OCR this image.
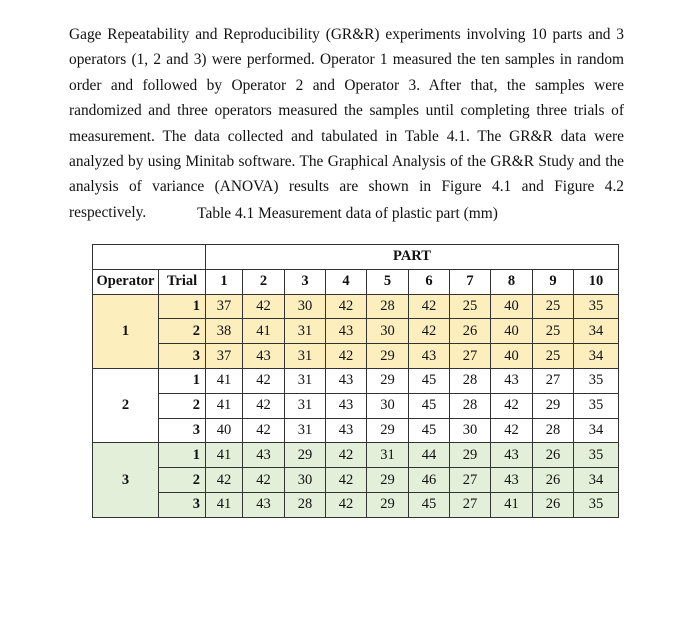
Gage Repeatability and Reproducibility (GR&R) experiments involving 10 parts and 3 operators (1, 2 and 3) were performed. Operator 1 measured the ten samples in random order and followed by Operator 2 and Operator 3. After that, the samples were randomized and three operators measured the samples until completing three trials of measurement. The data collected and tabulated in Table 4.1. The GR&R data were analyzed by using Minitab software. The Graphical Analysis of the GR&R Study and the analysis of variance (ANOVA) results are shown in Figure 4.1 and Figure 4.2 respectively.	Table 4.1 Measurement data of plastic part (mm)

		PART									
Operator	Trial	1	2	3	4	5	6	7	8	9	10
	1	37	42	30	42	28	42	25	40	25	35
1	2	38	41	31	43	30	42	26	40	25	34
	3	37	43	31	42	29	43	27	40	25	34
	1	41	42	31	43	29	45	28	43	27	35
2	2	41	42	31	43	30	45	28	42	29	35
	3	40	42	31	43	29	45	30	42	28	34
	1	41	43	29	42	31	44	29	43	26	35
3	2	42	42	30	42	29	46	27	43	26	34
	3	41	43	28	42	29	45	27	41	26	35
